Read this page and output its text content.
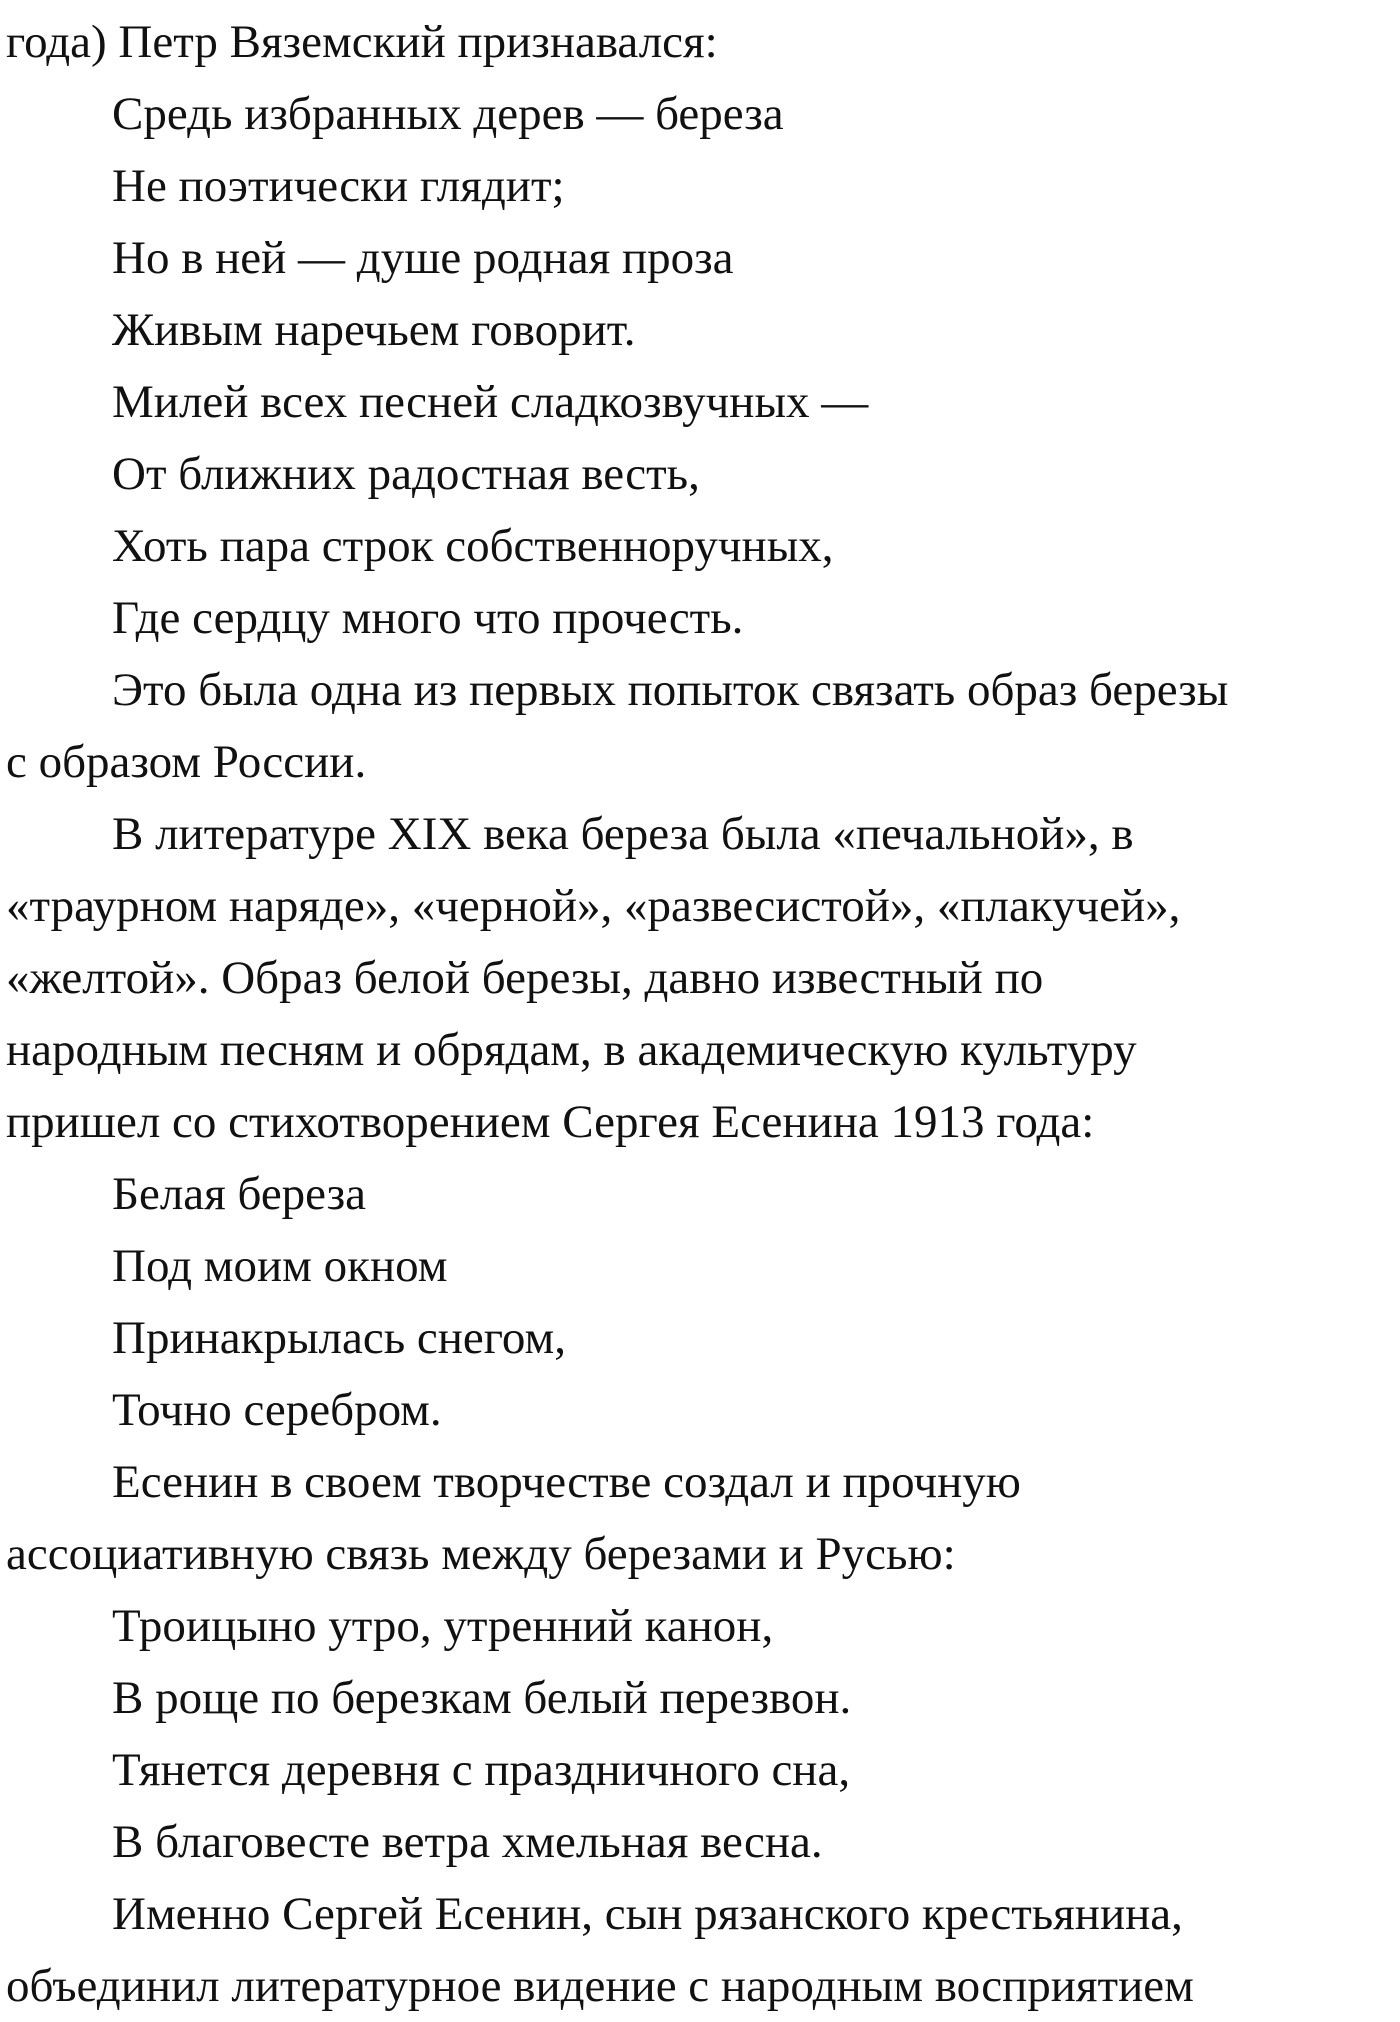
года) Петр Вяземский признавался:
Средь избранных дерев — береза
Не поэтически глядит;
Но в ней — душе родная проза
Живым наречьем говорит.
Милей всех песней сладкозвучных —
От ближних радостная весть,
Хоть пара строк собственноручных,
Где сердцу много что прочесть.
Это была одна из первых попыток связать образ березы
с образом России.
В литературе XIX века береза была «печальной», в
«траурном наряде», «черной», «развесистой», «плакучей»,
«желтой». Образ белой березы, давно известный по
народным песням и обрядам, в академическую культуру
пришел со стихотворением Сергея Есенина 1913 года:
Белая береза
Под моим окном
Принакрылась снегом,
Точно серебром.
Есенин в своем творчестве создал и прочную
ассоциативную связь между березами и Русью:
Троицыно утро, утренний канон,
В роще по березкам белый перезвон.
Тянется деревня с праздничного сна,
В благовесте ветра хмельная весна.
Именно Сергей Есенин, сын рязанского крестьянина,
объединил литературное видение с народным восприятием
